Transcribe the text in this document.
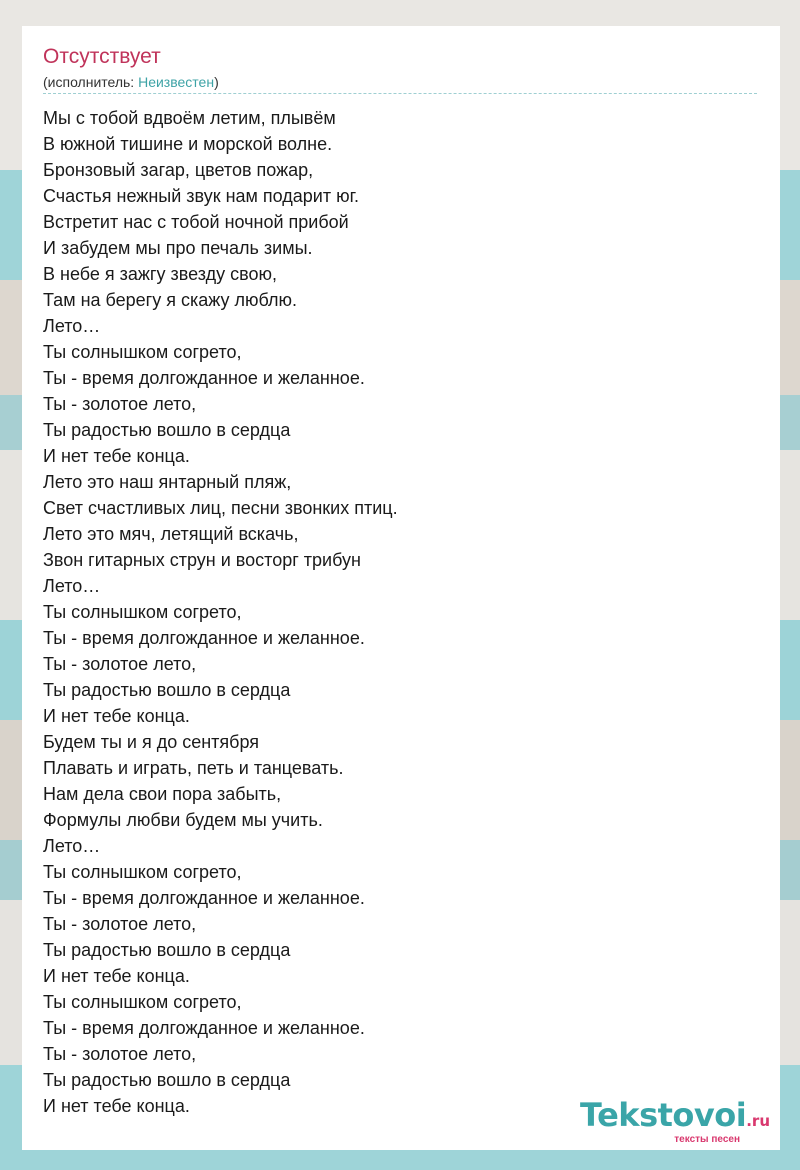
Отсутствует
(исполнитель: Неизвестен)
Мы с тобой вдвоём летим, плывём
В южной тишине и морской волне.
Бронзовый загар, цветов пожар,
Счастья нежный звук нам подарит юг.
Встретит нас с тобой ночной прибой
И забудем мы про печаль зимы.
В небе я зажгу звезду свою,
Там на берегу я скажу люблю.
Лето…
Ты солнышком согрето,
Ты - время долгожданное и желанное.
Ты - золотое лето,
Ты радостью вошло в сердца
И нет тебе конца.
Лето это наш янтарный пляж,
Свет счастливых лиц, песни звонких птиц.
Лето это мяч, летящий вскачь,
Звон гитарных струн и восторг трибун
Лето…
Ты солнышком согрето,
Ты - время долгожданное и желанное.
Ты - золотое лето,
Ты радостью вошло в сердца
И нет тебе конца.
Будем ты и я до сентября
Плавать и играть, петь и танцевать.
Нам дела свои пора забыть,
Формулы любви будем мы учить.
Лето…
Ты солнышком согрето,
Ты - время долгожданное и желанное.
Ты - золотое лето,
Ты радостью вошло в сердца
И нет тебе конца.
Ты солнышком согрето,
Ты - время долгожданное и желанное.
Ты - золотое лето,
Ты радостью вошло в сердца
И нет тебе конца.	Tekstovoi.ru
тексты песен
